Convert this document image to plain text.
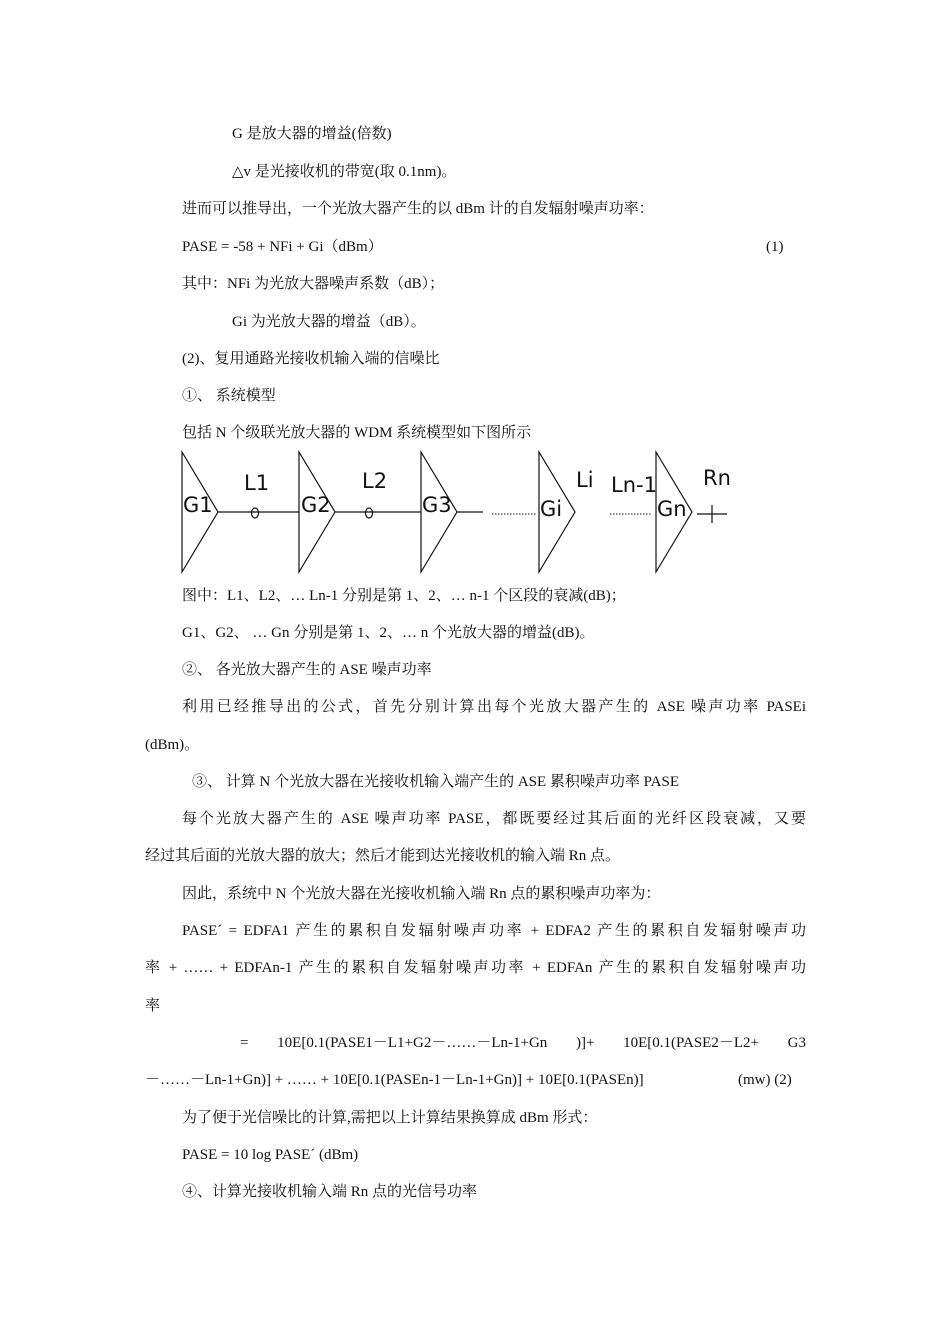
G 是放大器的增益(倍数)
△v 是光接收机的带宽(取 0.1nm)。
进而可以推导出，一个光放大器产生的以 dBm 计的自发辐射噪声功率：
PASE = -58 + NFi + Gi（dBm）	(1)
其中：NFi 为光放大器噪声系数（dB）；
Gi 为光放大器的增益（dB）。
(2)、复用通路光接收机输入端的信噪比
①、 系统模型
包括 N 个级联光放大器的 WDM 系统模型如下图所示
G1	G2	G3	Gi	Gn
L1	L2	Li Ln-1 Rn
图中：L1、L2、… Ln-1 分别是第 1、2、… n-1 个区段的衰减(dB)；
G1、G2、 … Gn 分别是第 1、2、… n 个光放大器的增益(dB)。
②、 各光放大器产生的 ASE 噪声功率
利用已经推导出的公式，首先分别计算出每个光放大器产生的 ASE 噪声功率 PASEi
(dBm)。
③、 计算 N 个光放大器在光接收机输入端产生的 ASE 累积噪声功率 PASE
每个光放大器产生的 ASE 噪声功率 PASE，都既要经过其后面的光纤区段衰减，又要
经过其后面的光放大器的放大；然后才能到达光接收机的输入端 Rn 点。
因此，系统中 N 个光放大器在光接收机输入端 Rn 点的累积噪声功率为：
PASE´ = EDFA1 产生的累积自发辐射噪声功率 + EDFA2 产生的累积自发辐射噪声功
率 + …… + EDFAn-1 产生的累积自发辐射噪声功率 + EDFAn 产生的累积自发辐射噪声功
率
= 10E[0.1(PASE1－L1+G2－……－Ln-1+Gn )]+ 10E[0.1(PASE2－L2+ G3
－……－Ln-1+Gn)] + …… + 10E[0.1(PASEn-1－Ln-1+Gn)] + 10E[0.1(PASEn)]	(mw) (2)
为了便于光信噪比的计算,需把以上计算结果换算成 dBm 形式：
PASE = 10 log PASE´ (dBm)
④、计算光接收机输入端 Rn 点的光信号功率
